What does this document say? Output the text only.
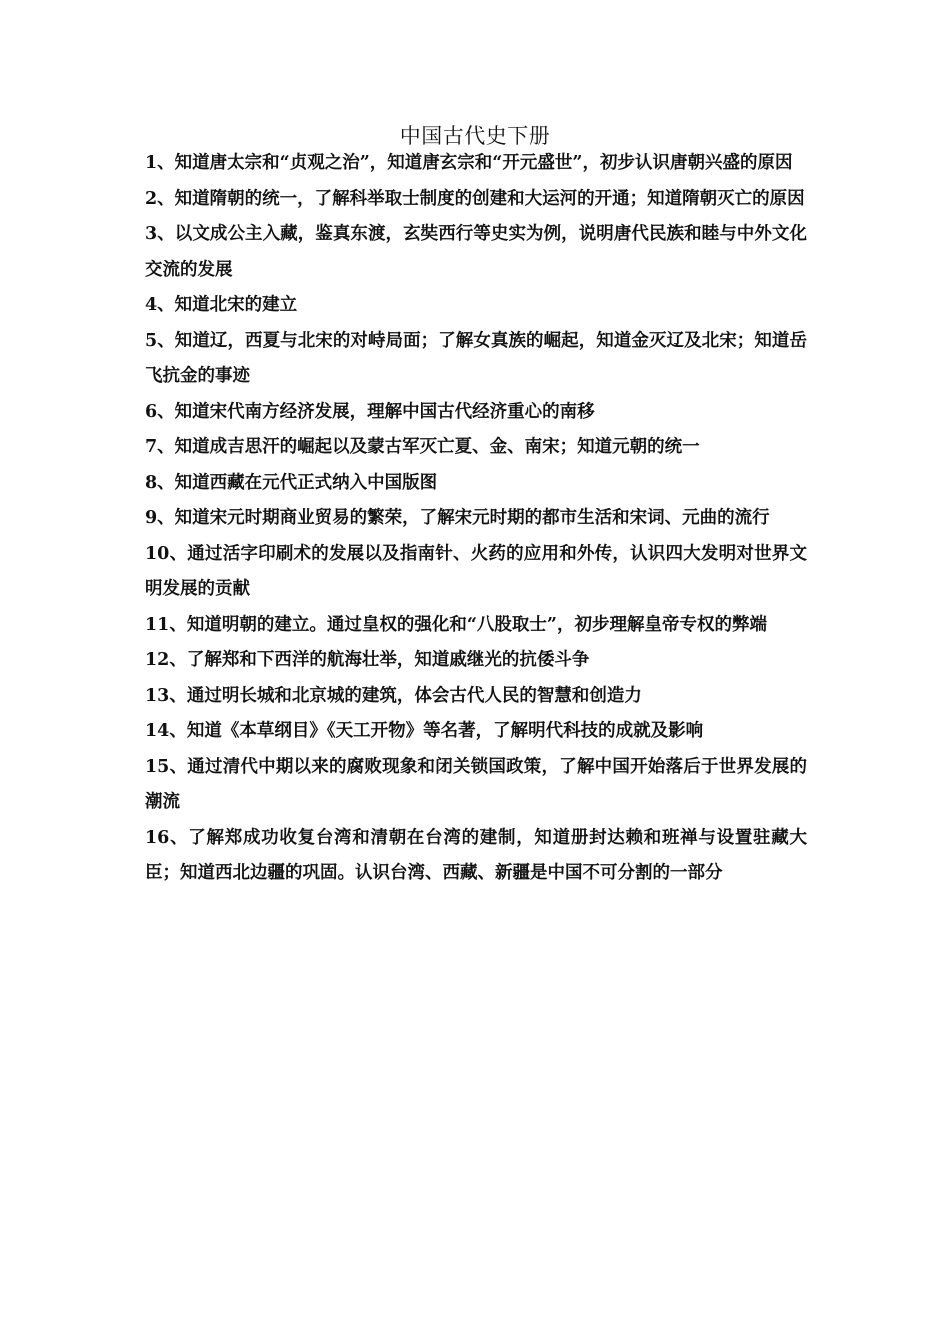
中国古代史下册
1、知道唐太宗和“贞观之治”，知道唐玄宗和“开元盛世”，初步认识唐朝兴盛的原因
2、知道隋朝的统一，了解科举取士制度的创建和大运河的开通；知道隋朝灭亡的原因
3、以文成公主入藏，鉴真东渡，玄奘西行等史实为例，说明唐代民族和睦与中外文化交流的发展
4、知道北宋的建立
5、知道辽，西夏与北宋的对峙局面；了解女真族的崛起，知道金灭辽及北宋；知道岳飞抗金的事迹
6、知道宋代南方经济发展，理解中国古代经济重心的南移
7、知道成吉思汗的崛起以及蒙古军灭亡夏、金、南宋；知道元朝的统一
8、知道西藏在元代正式纳入中国版图
9、知道宋元时期商业贸易的繁荣，了解宋元时期的都市生活和宋词、元曲的流行
10、通过活字印刷术的发展以及指南针、火药的应用和外传，认识四大发明对世界文明发展的贡献
11、知道明朝的建立。通过皇权的强化和“八股取士”，初步理解皇帝专权的弊端
12、了解郑和下西洋的航海壮举，知道戚继光的抗倭斗争
13、通过明长城和北京城的建筑，体会古代人民的智慧和创造力
14、知道《本草纲目》《天工开物》等名著，了解明代科技的成就及影响
15、通过清代中期以来的腐败现象和闭关锁国政策，了解中国开始落后于世界发展的潮流
16、了解郑成功收复台湾和清朝在台湾的建制，知道册封达赖和班禅与设置驻藏大臣；知道西北边疆的巩固。认识台湾、西藏、新疆是中国不可分割的一部分
